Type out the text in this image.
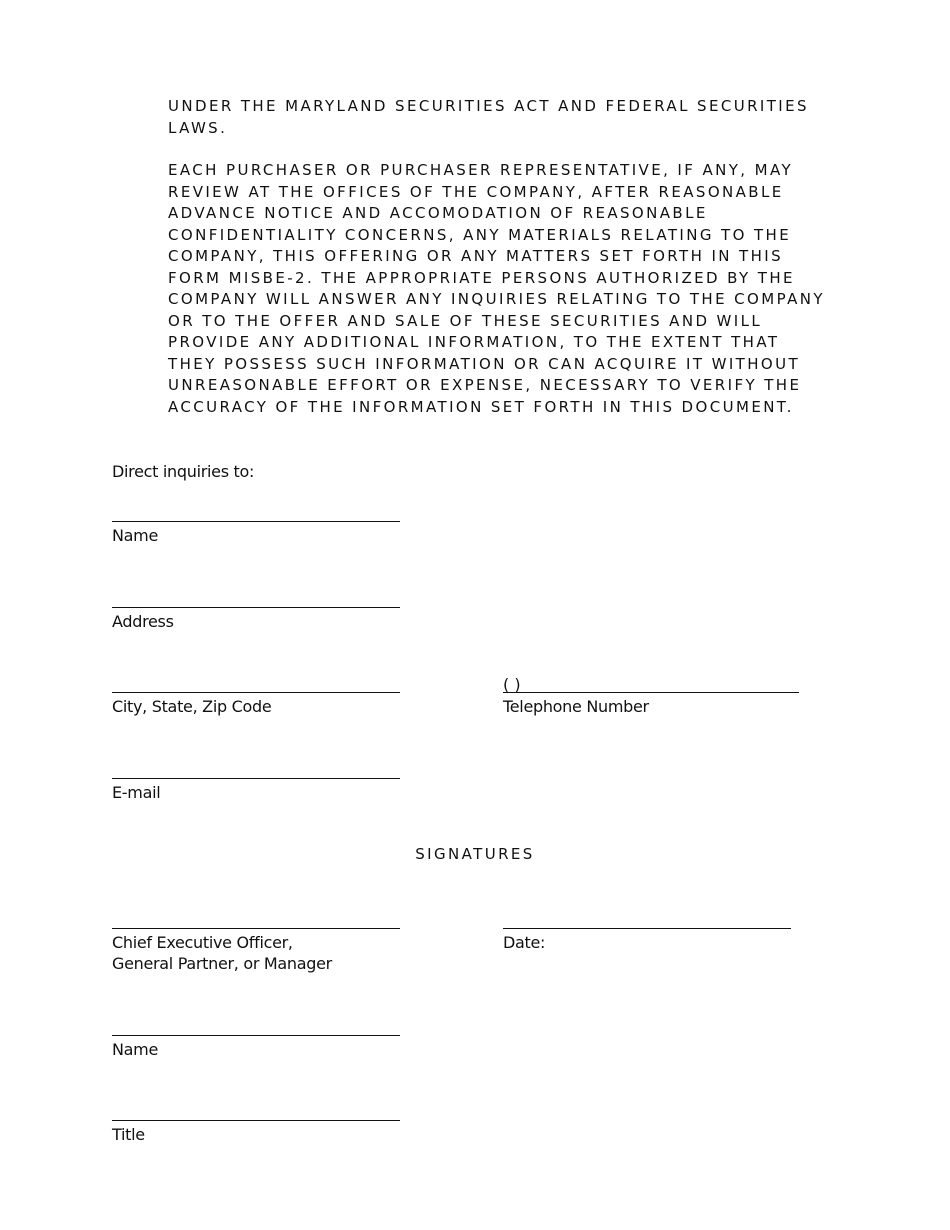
UNDER THE MARYLAND SECURITIES ACT AND FEDERAL SECURITIES
LAWS.

EACH PURCHASER OR PURCHASER REPRESENTATIVE, IF ANY, MAY
REVIEW AT THE OFFICES OF THE COMPANY, AFTER REASONABLE
ADVANCE NOTICE AND ACCOMODATION OF REASONABLE
CONFIDENTIALITY CONCERNS, ANY MATERIALS RELATING TO THE
COMPANY, THIS OFFERING OR ANY MATTERS SET FORTH IN THIS
FORM MISBE-2. THE APPROPRIATE PERSONS AUTHORIZED BY THE
COMPANY WILL ANSWER ANY INQUIRIES RELATING TO THE COMPANY
OR TO THE OFFER AND SALE OF THESE SECURITIES AND WILL
PROVIDE ANY ADDITIONAL INFORMATION, TO THE EXTENT THAT
THEY POSSESS SUCH INFORMATION OR CAN ACQUIRE IT WITHOUT
UNREASONABLE EFFORT OR EXPENSE, NECESSARY TO VERIFY THE
ACCURACY OF THE INFORMATION SET FORTH IN THIS DOCUMENT.

Direct inquiries to:

Name

Address

City, State, Zip Code

( )

Telephone Number

E-mail

SIGNATURES

Chief Executive Officer,

General Partner, or Manager

Date:

Name

Title
